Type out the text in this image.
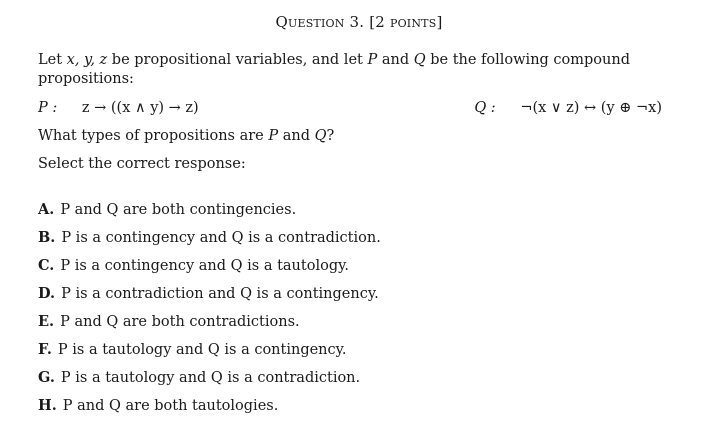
Question 3. [2 points]
Let x, y, z be propositional variables, and let P and Q be the following compound propositions:
P : z → ((x ∧ y) → z)	Q : ¬(x ∨ z) ↔ (y ⊕ ¬x)
What types of propositions are P and Q?
Select the correct response:
A. P and Q are both contingencies.
B. P is a contingency and Q is a contradiction.
C. P is a contingency and Q is a tautology.
D. P is a contradiction and Q is a contingency.
E. P and Q are both contradictions.
F. P is a tautology and Q is a contingency.
G. P is a tautology and Q is a contradiction.
H. P and Q are both tautologies.
